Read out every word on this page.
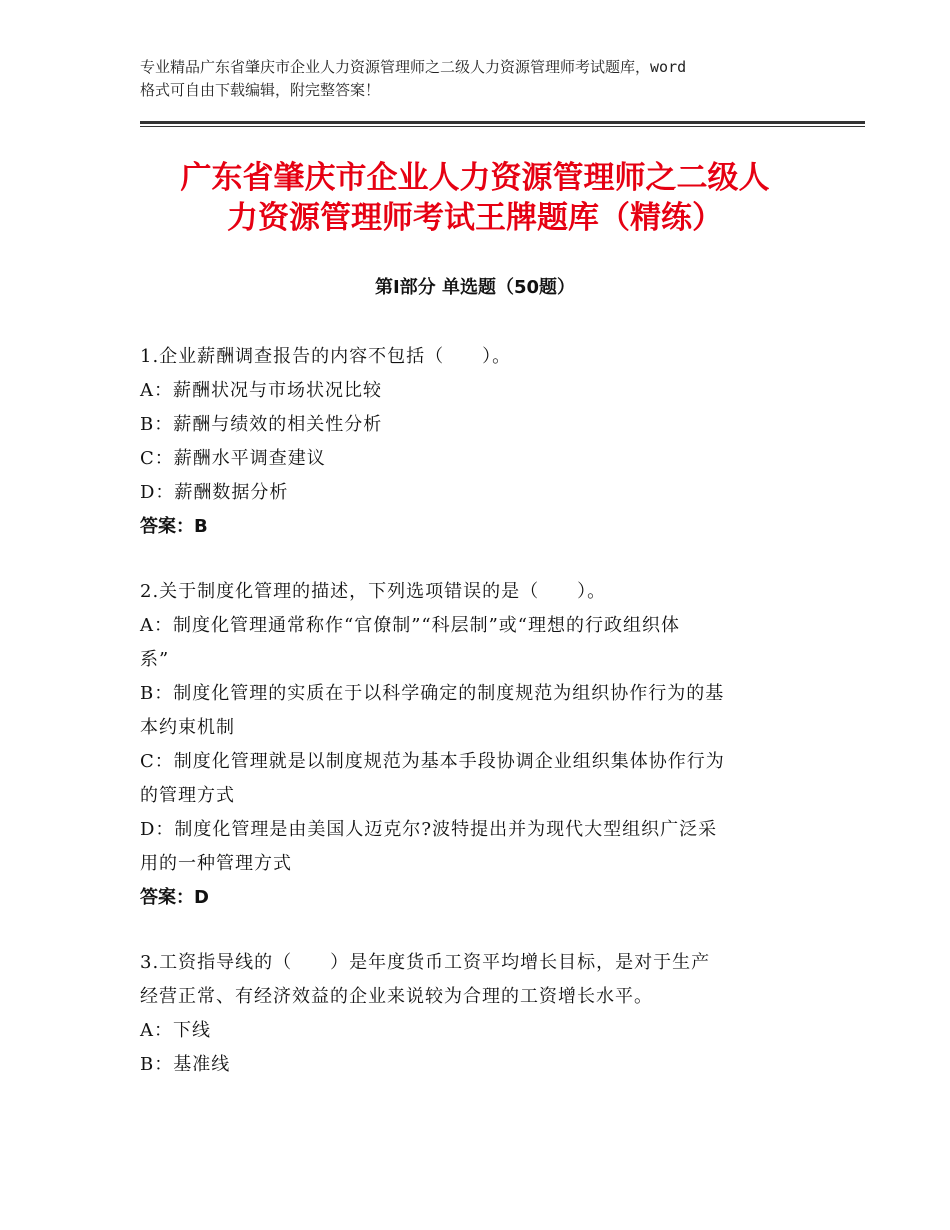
专业精品广东省肇庆市企业人力资源管理师之二级人力资源管理师考试题库，word
格式可自由下载编辑，附完整答案！
广东省肇庆市企业人力资源管理师之二级人
力资源管理师考试王牌题库（精练）
第Ⅰ部分 单选题（50题）
1.企业薪酬调查报告的内容不包括（　　）。
A：薪酬状况与市场状况比较
B：薪酬与绩效的相关性分析
C：薪酬水平调查建议
D：薪酬数据分析
答案：B
2.关于制度化管理的描述，下列选项错误的是（　　）。
A：制度化管理通常称作“官僚制”“科层制”或“理想的行政组织体
系”
B：制度化管理的实质在于以科学确定的制度规范为组织协作行为的基
本约束机制
C：制度化管理就是以制度规范为基本手段协调企业组织集体协作行为
的管理方式
D：制度化管理是由美国人迈克尔?波特提出并为现代大型组织广泛采
用的一种管理方式
答案：D
3.工资指导线的（　　）是年度货币工资平均增长目标，是对于生产
经营正常、有经济效益的企业来说较为合理的工资增长水平。
A：下线
B：基准线
